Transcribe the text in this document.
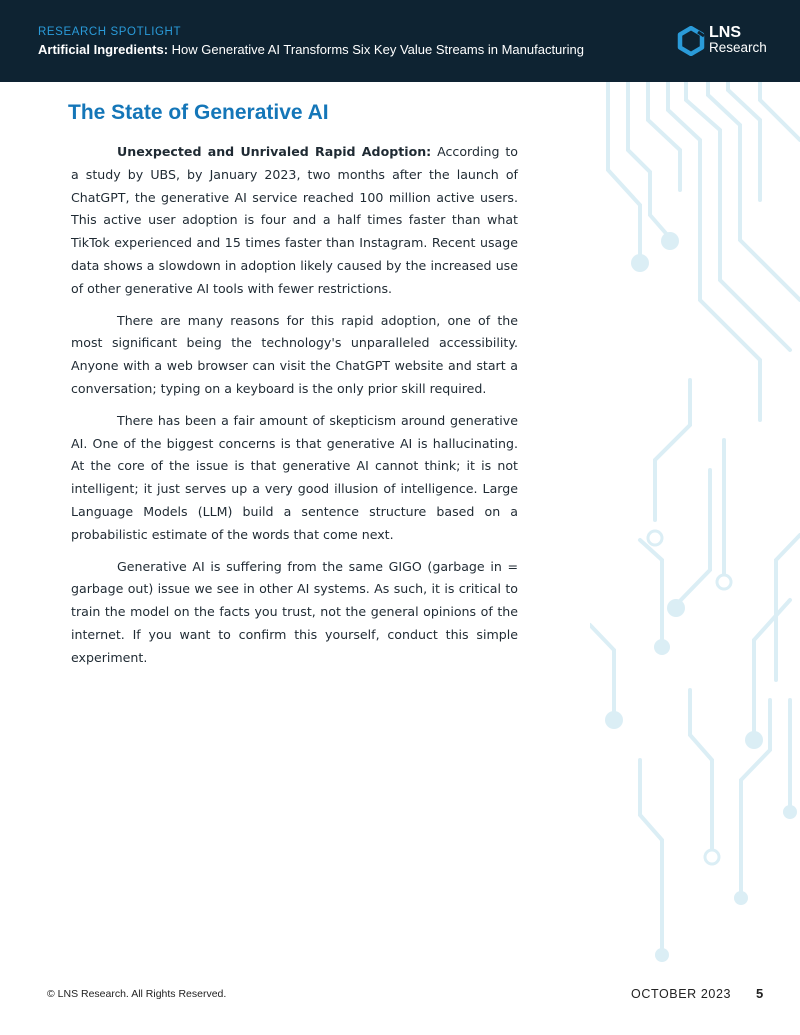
RESEARCH SPOTLIGHT
Artificial Ingredients: How Generative AI Transforms Six Key Value Streams in Manufacturing
LNS
Research
The State of Generative AI

Unexpected and Unrivaled Rapid Adoption: According to a study by UBS, by January 2023, two months after the launch of ChatGPT, the generative AI service reached 100 million active users. This active user adoption is four and a half times faster than what TikTok experienced and 15 times faster than Instagram. Recent usage data shows a slowdown in adoption likely caused by the increased use of other generative AI tools with fewer restrictions.

There are many reasons for this rapid adoption, one of the most significant being the technology's unparalleled accessibility. Anyone with a web browser can visit the ChatGPT website and start a conversation; typing on a keyboard is the only prior skill required.

There has been a fair amount of skepticism around generative AI. One of the biggest concerns is that generative AI is hallucinating. At the core of the issue is that generative AI cannot think; it is not intelligent; it just serves up a very good illusion of intelligence. Large Language Models (LLM) build a sentence structure based on a probabilistic estimate of the words that come next.

Generative AI is suffering from the same GIGO (garbage in = garbage out) issue we see in other AI systems. As such, it is critical to train the model on the facts you trust, not the general opinions of the internet. If you want to confirm this yourself, conduct this simple experiment.

© LNS Research. All Rights Reserved.	OCTOBER 2023 5
